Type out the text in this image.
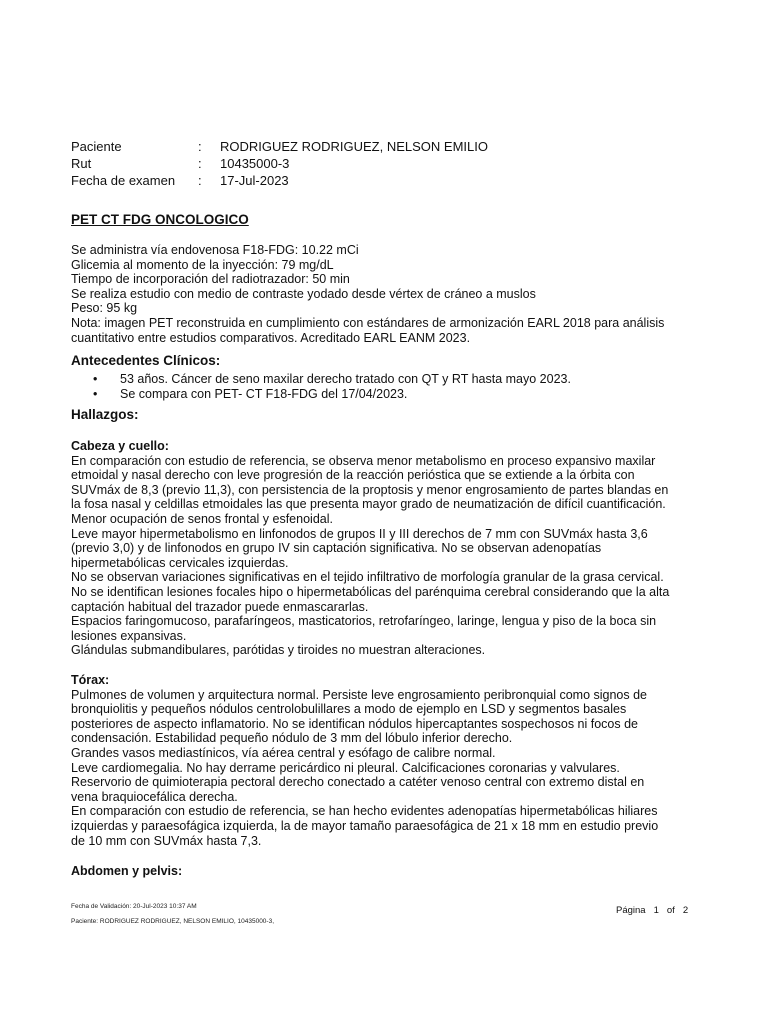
Paciente	:	RODRIGUEZ RODRIGUEZ, NELSON EMILIO
Rut	:	10435000-3
Fecha de examen	:	17-Jul-2023
PET CT FDG ONCOLOGICO
Se administra vía endovenosa F18-FDG: 10.22 mCi
Glicemia al momento de la inyección: 79 mg/dL
Tiempo de incorporación del radiotrazador: 50 min
Se realiza estudio con medio de contraste yodado desde vértex de cráneo a muslos
Peso: 95 kg
Nota: imagen PET reconstruida en cumplimiento con estándares de armonización EARL 2018 para análisis
cuantitativo entre estudios comparativos. Acreditado EARL EANM 2023.
Antecedentes Clínicos:
•	53 años. Cáncer de seno maxilar derecho tratado con QT y RT hasta mayo 2023.
•	Se compara con PET- CT F18-FDG del 17/04/2023.
Hallazgos:
Cabeza y cuello:
En comparación con estudio de referencia, se observa menor metabolismo en proceso expansivo maxilar
etmoidal y nasal derecho con leve progresión de la reacción perióstica que se extiende a la órbita con
SUVmáx de 8,3 (previo 11,3), con persistencia de la proptosis y menor engrosamiento de partes blandas en
la fosa nasal y celdillas etmoidales las que presenta mayor grado de neumatización de difícil cuantificación.
Menor ocupación de senos frontal y esfenoidal.
Leve mayor hipermetabolismo en linfonodos de grupos II y III derechos de 7 mm con SUVmáx hasta 3,6
(previo 3,0) y de linfonodos en grupo IV sin captación significativa. No se observan adenopatías
hipermetabólicas cervicales izquierdas.
No se observan variaciones significativas en el tejido infiltrativo de morfología granular de la grasa cervical.
No se identifican lesiones focales hipo o hipermetabólicas del parénquima cerebral considerando que la alta
captación habitual del trazador puede enmascararlas.
Espacios faringomucoso, parafaríngeos, masticatorios, retrofaríngeo, laringe, lengua y piso de la boca sin
lesiones expansivas.
Glándulas submandibulares, parótidas y tiroides no muestran alteraciones.
Tórax:
Pulmones de volumen y arquitectura normal. Persiste leve engrosamiento peribronquial como signos de
bronquiolitis y pequeños nódulos centrolobulillares a modo de ejemplo en LSD y segmentos basales
posteriores de aspecto inflamatorio. No se identifican nódulos hipercaptantes sospechosos ni focos de
condensación. Estabilidad pequeño nódulo de 3 mm del lóbulo inferior derecho.
Grandes vasos mediastínicos, vía aérea central y esófago de calibre normal.
Leve cardiomegalia. No hay derrame pericárdico ni pleural. Calcificaciones coronarias y valvulares.
Reservorio de quimioterapia pectoral derecho conectado a catéter venoso central con extremo distal en
vena braquiocefálica derecha.
En comparación con estudio de referencia, se han hecho evidentes adenopatías hipermetabólicas hiliares
izquierdas y paraesofágica izquierda, la de mayor tamaño paraesofágica de 21 x 18 mm en estudio previo
de 10 mm con SUVmáx hasta 7,3.
Abdomen y pelvis:
Fecha de Validación: 20-Jul-2023 10:37 AM
Paciente: RODRIGUEZ RODRIGUEZ, NELSON EMILIO, 10435000-3,
Página 1 of 2
